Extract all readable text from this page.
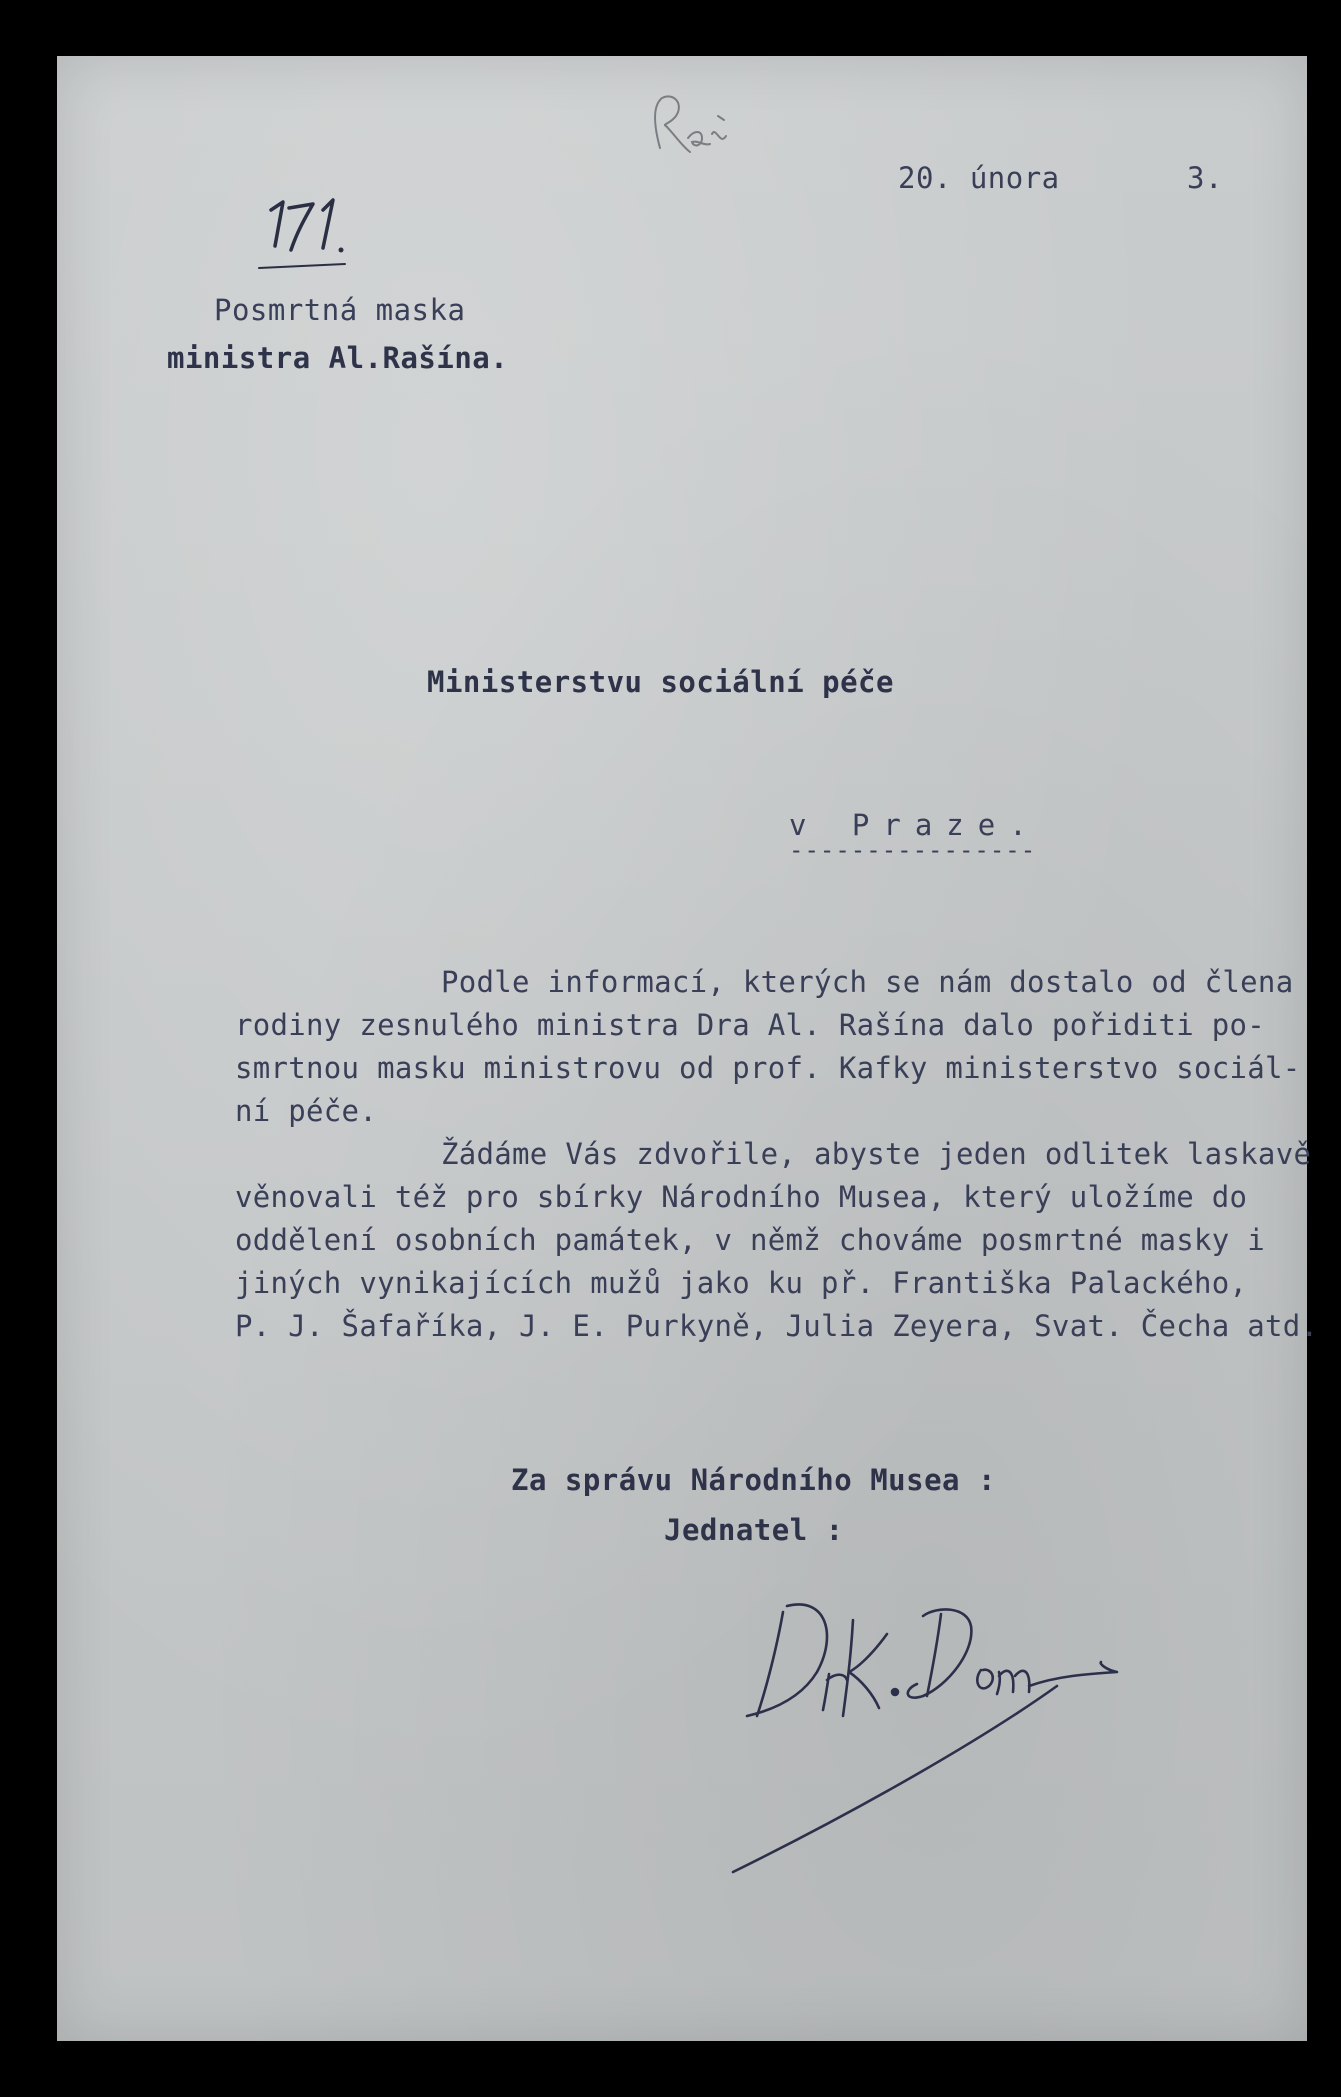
20. února	3.
Posmrtná maska
ministra Al.Rašína.
Ministerstvu sociální péče
v Praze.
----------------
Podle informací, kterých se nám dostalo od člena
rodiny zesnulého ministra Dra Al. Rašína dalo pořiditi po-
smrtnou masku ministrovu od prof. Kafky ministerstvo sociál-
ní péče.
Žádáme Vás zdvořile, abyste jeden odlitek laskavě
věnovali též pro sbírky Národního Musea, který uložíme do
oddělení osobních památek, v němž chováme posmrtné masky i
jiných vynikajících mužů jako ku př. Františka Palackého,
P. J. Šafaříka, J. E. Purkyně, Julia Zeyera, Svat. Čecha atd.
Za správu Národního Musea :
Jednatel :
